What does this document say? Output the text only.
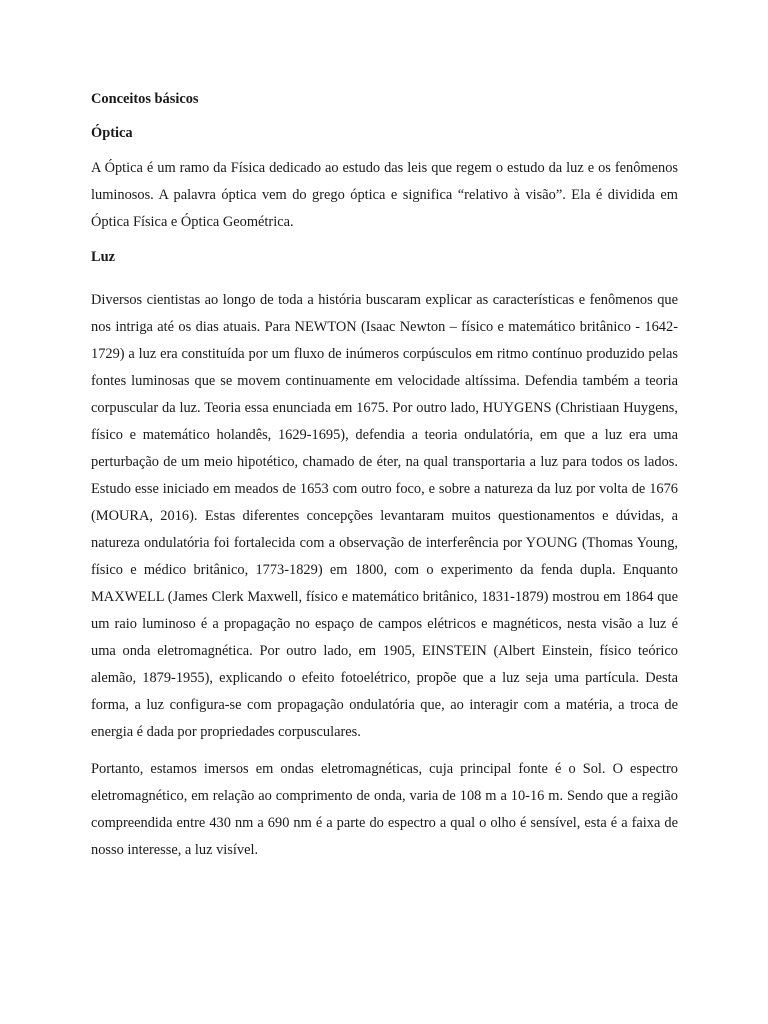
Conceitos básicos

Óptica

A Óptica é um ramo da Física dedicado ao estudo das leis que regem o estudo da luz e os fenômenos luminosos. A palavra óptica vem do grego óptica e significa “relativo à visão”. Ela é dividida em Óptica Física e Óptica Geométrica.

Luz

Diversos cientistas ao longo de toda a história buscaram explicar as características e fenômenos que nos intriga até os dias atuais. Para NEWTON (Isaac Newton – físico e matemático britânico - 1642-1729) a luz era constituída por um fluxo de inúmeros corpúsculos em ritmo contínuo produzido pelas fontes luminosas que se movem continuamente em velocidade altíssima. Defendia também a teoria corpuscular da luz. Teoria essa enunciada em 1675. Por outro lado, HUYGENS (Christiaan Huygens, físico e matemático holandês, 1629-1695), defendia a teoria ondulatória, em que a luz era uma perturbação de um meio hipotético, chamado de éter, na qual transportaria a luz para todos os lados. Estudo esse iniciado em meados de 1653 com outro foco, e sobre a natureza da luz por volta de 1676 (MOURA, 2016). Estas diferentes concepções levantaram muitos questionamentos e dúvidas, a natureza ondulatória foi fortalecida com a observação de interferência por YOUNG (Thomas Young, físico e médico britânico, 1773-1829) em 1800, com o experimento da fenda dupla. Enquanto MAXWELL (James Clerk Maxwell, físico e matemático britânico, 1831-1879) mostrou em 1864 que um raio luminoso é a propagação no espaço de campos elétricos e magnéticos, nesta visão a luz é uma onda eletromagnética. Por outro lado, em 1905, EINSTEIN (Albert Einstein, físico teórico alemão, 1879-1955), explicando o efeito fotoelétrico, propõe que a luz seja uma partícula. Desta forma, a luz configura-se com propagação ondulatória que, ao interagir com a matéria, a troca de energia é dada por propriedades corpusculares.

Portanto, estamos imersos em ondas eletromagnéticas, cuja principal fonte é o Sol. O espectro eletromagnético, em relação ao comprimento de onda, varia de 108 m a 10-16 m. Sendo que a região compreendida entre 430 nm a 690 nm é a parte do espectro a qual o olho é sensível, esta é a faixa de nosso interesse, a luz visível.
